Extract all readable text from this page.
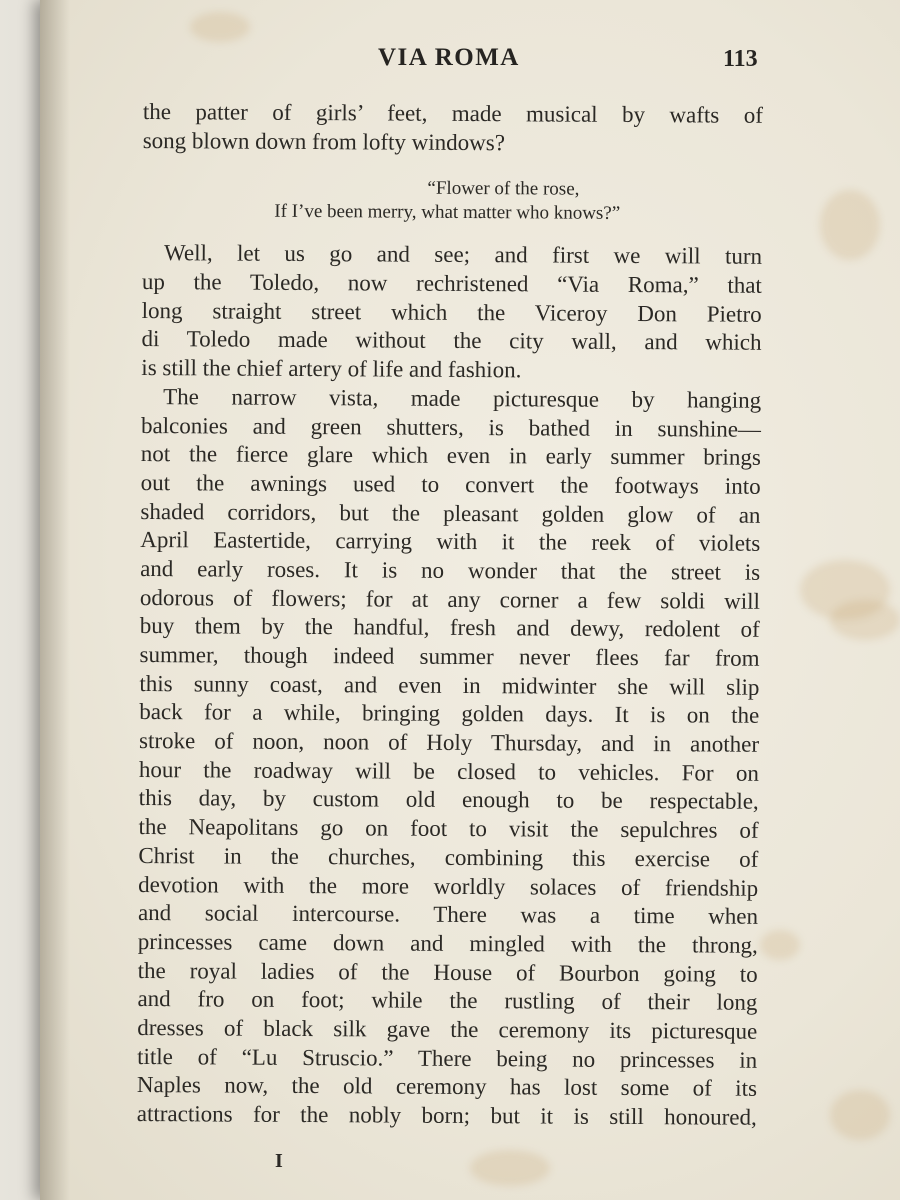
VIA ROMA	113
the patter of girls’ feet, made musical by wafts of
song blown down from lofty windows?
“Flower of the rose,
If I’ve been merry, what matter who knows?”
Well, let us go and see; and first we will turn
up the Toledo, now rechristened “Via Roma,” that
long straight street which the Viceroy Don Pietro
di Toledo made without the city wall, and which
is still the chief artery of life and fashion.
The narrow vista, made picturesque by hanging
balconies and green shutters, is bathed in sunshine—
not the fierce glare which even in early summer brings
out the awnings used to convert the footways into
shaded corridors, but the pleasant golden glow of an
April Eastertide, carrying with it the reek of violets
and early roses. It is no wonder that the street is
odorous of flowers; for at any corner a few soldi will
buy them by the handful, fresh and dewy, redolent of
summer, though indeed summer never flees far from
this sunny coast, and even in midwinter she will slip
back for a while, bringing golden days. It is on the
stroke of noon, noon of Holy Thursday, and in another
hour the roadway will be closed to vehicles. For on
this day, by custom old enough to be respectable,
the Neapolitans go on foot to visit the sepulchres of
Christ in the churches, combining this exercise of
devotion with the more worldly solaces of friendship
and social intercourse. There was a time when
princesses came down and mingled with the throng,
the royal ladies of the House of Bourbon going to
and fro on foot; while the rustling of their long
dresses of black silk gave the ceremony its picturesque
title of “Lu Struscio.” There being no princesses in
Naples now, the old ceremony has lost some of its
attractions for the nobly born; but it is still honoured,
I
